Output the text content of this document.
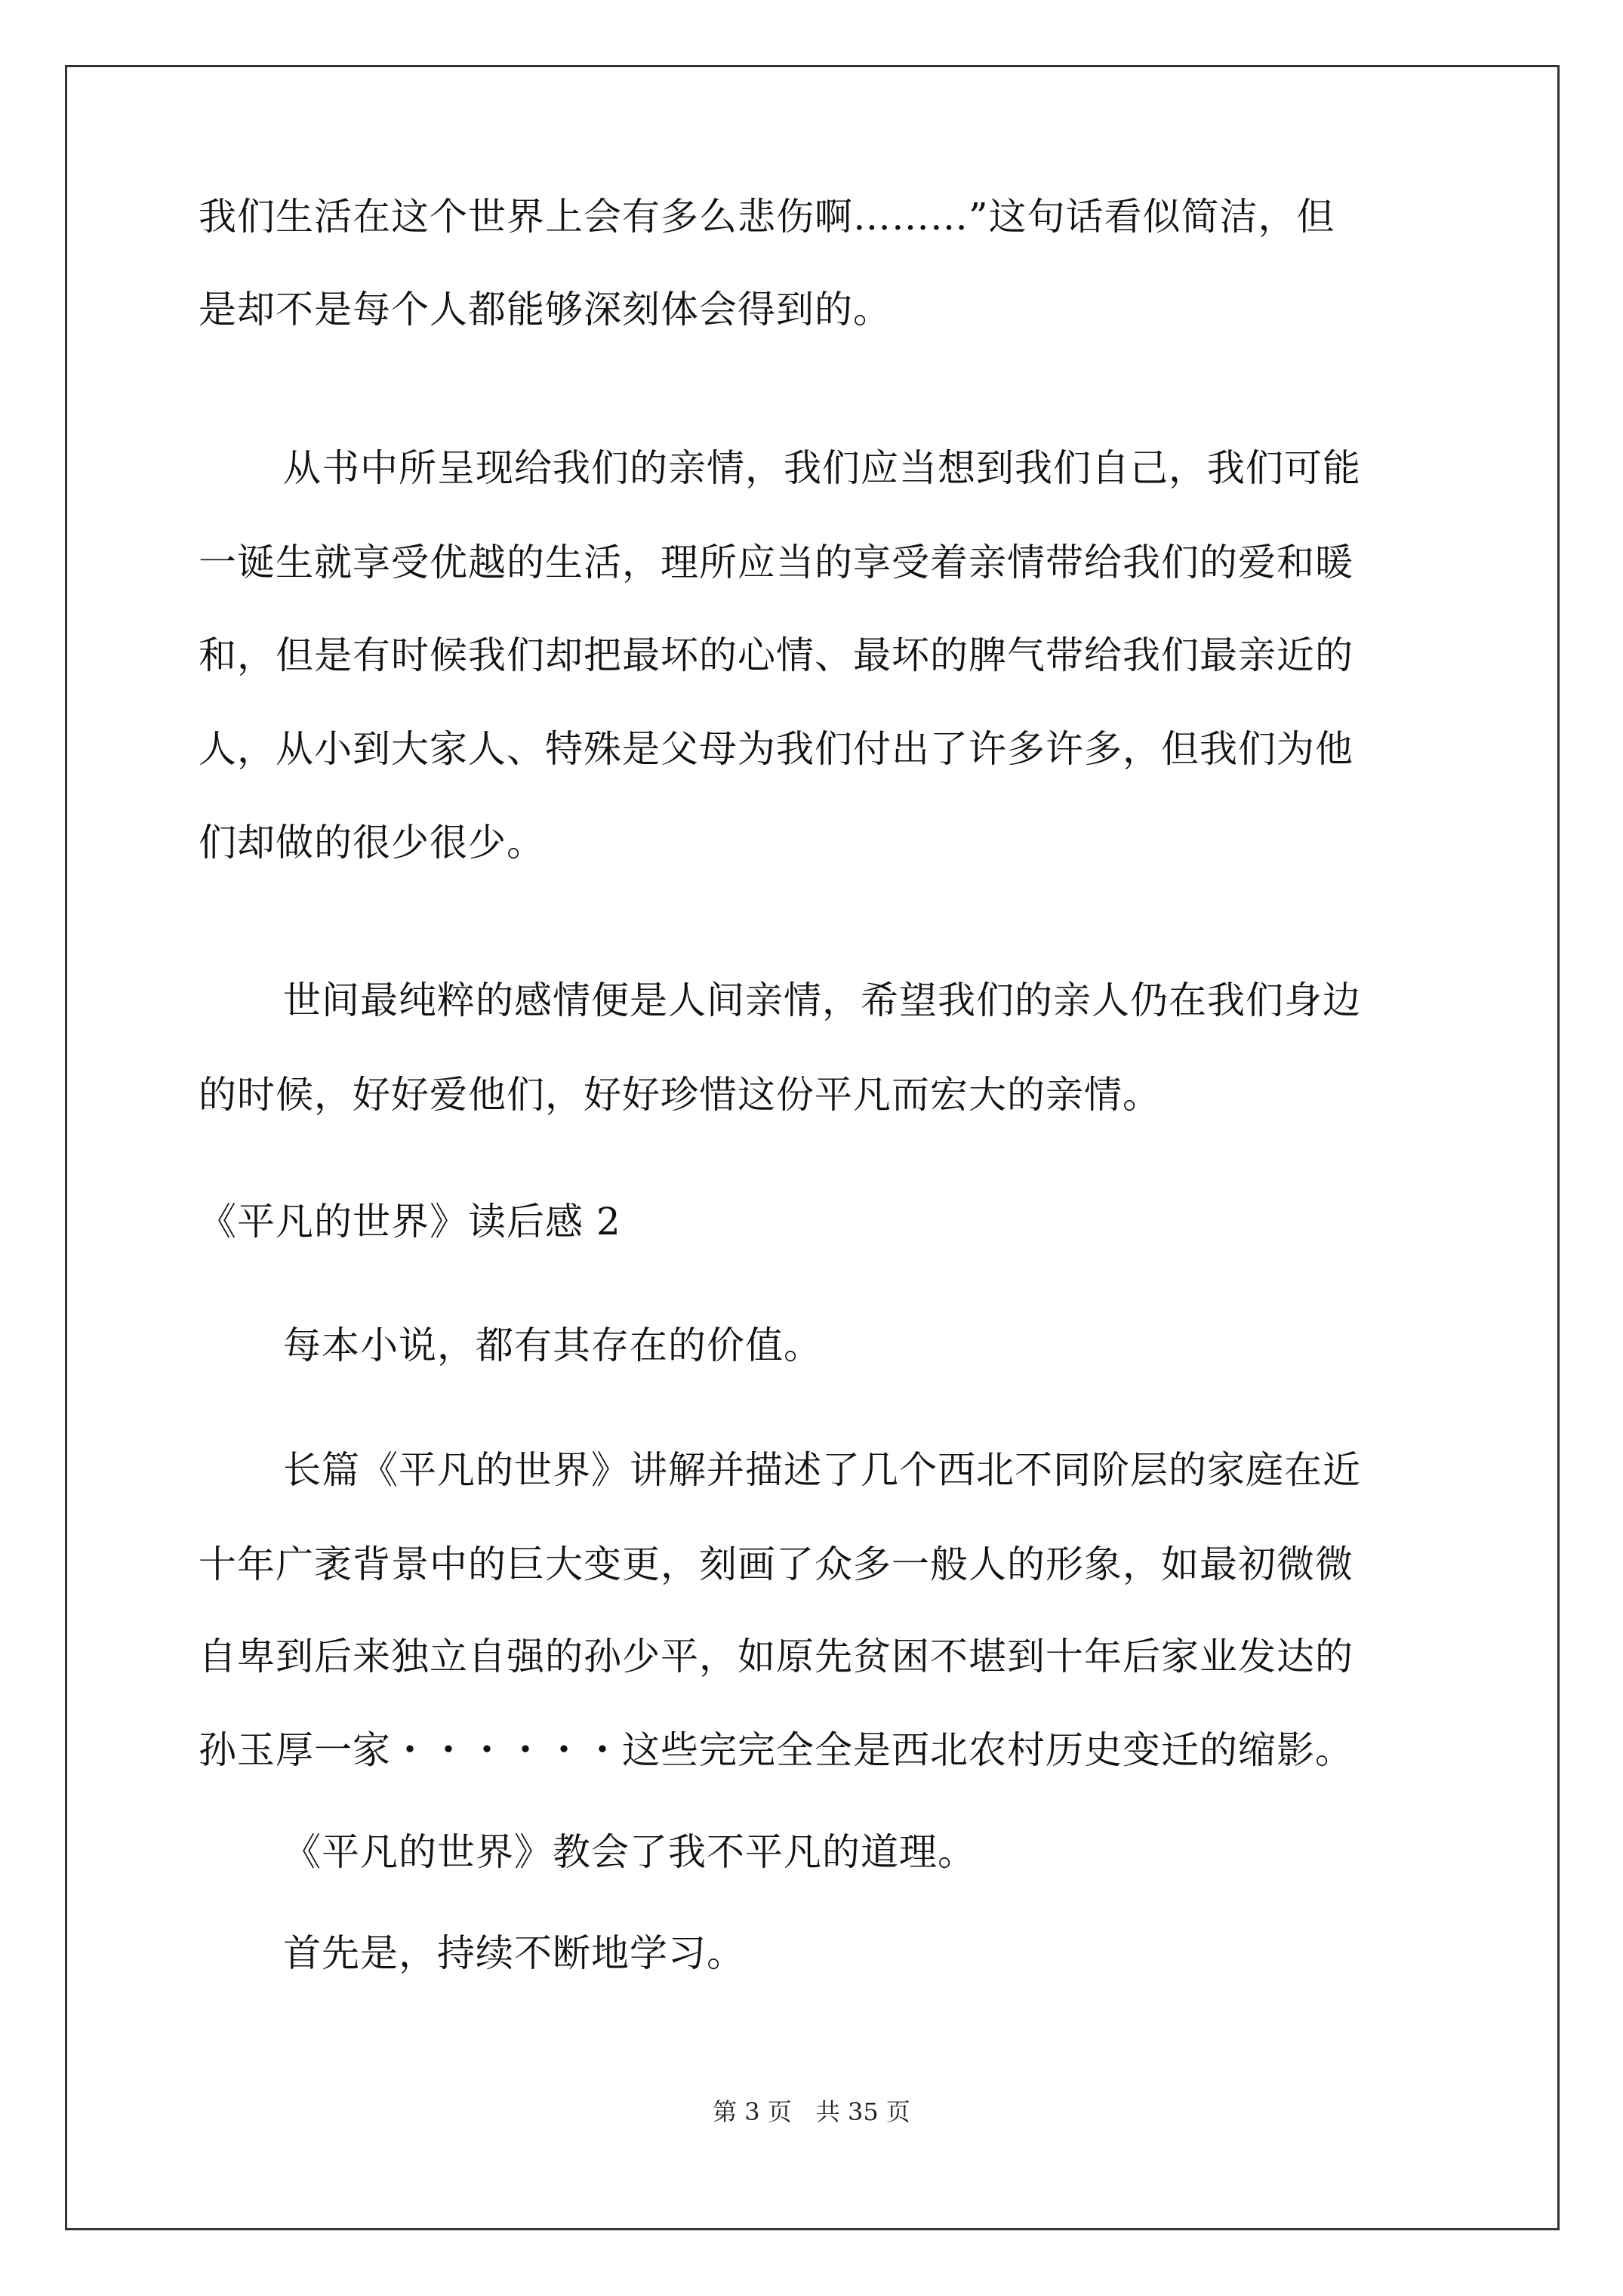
我们生活在这个世界上会有多么悲伤啊………”这句话看似简洁，但
是却不是每个人都能够深刻体会得到的。
从书中所呈现给我们的亲情，我们应当想到我们自己，我们可能
一诞生就享受优越的生活，理所应当的享受着亲情带给我们的爱和暖
和，但是有时候我们却把最坏的心情、最坏的脾气带给我们最亲近的
人，从小到大家人、特殊是父母为我们付出了许多许多，但我们为他
们却做的很少很少。
世间最纯粹的感情便是人间亲情，希望我们的亲人仍在我们身边
的时候，好好爱他们，好好珍惜这份平凡而宏大的亲情。
《平凡的世界》读后感 2
每本小说，都有其存在的价值。
长篇《平凡的世界》讲解并描述了几个西北不同阶层的家庭在近
十年广袤背景中的巨大变更，刻画了众多一般人的形象，如最初微微
自卑到后来独立自强的孙少平，如原先贫困不堪到十年后家业发达的
孙玉厚一家・・・・・・这些完完全全是西北农村历史变迁的缩影。
《平凡的世界》教会了我不平凡的道理。
首先是，持续不断地学习。
第 3 页　共 35 页
